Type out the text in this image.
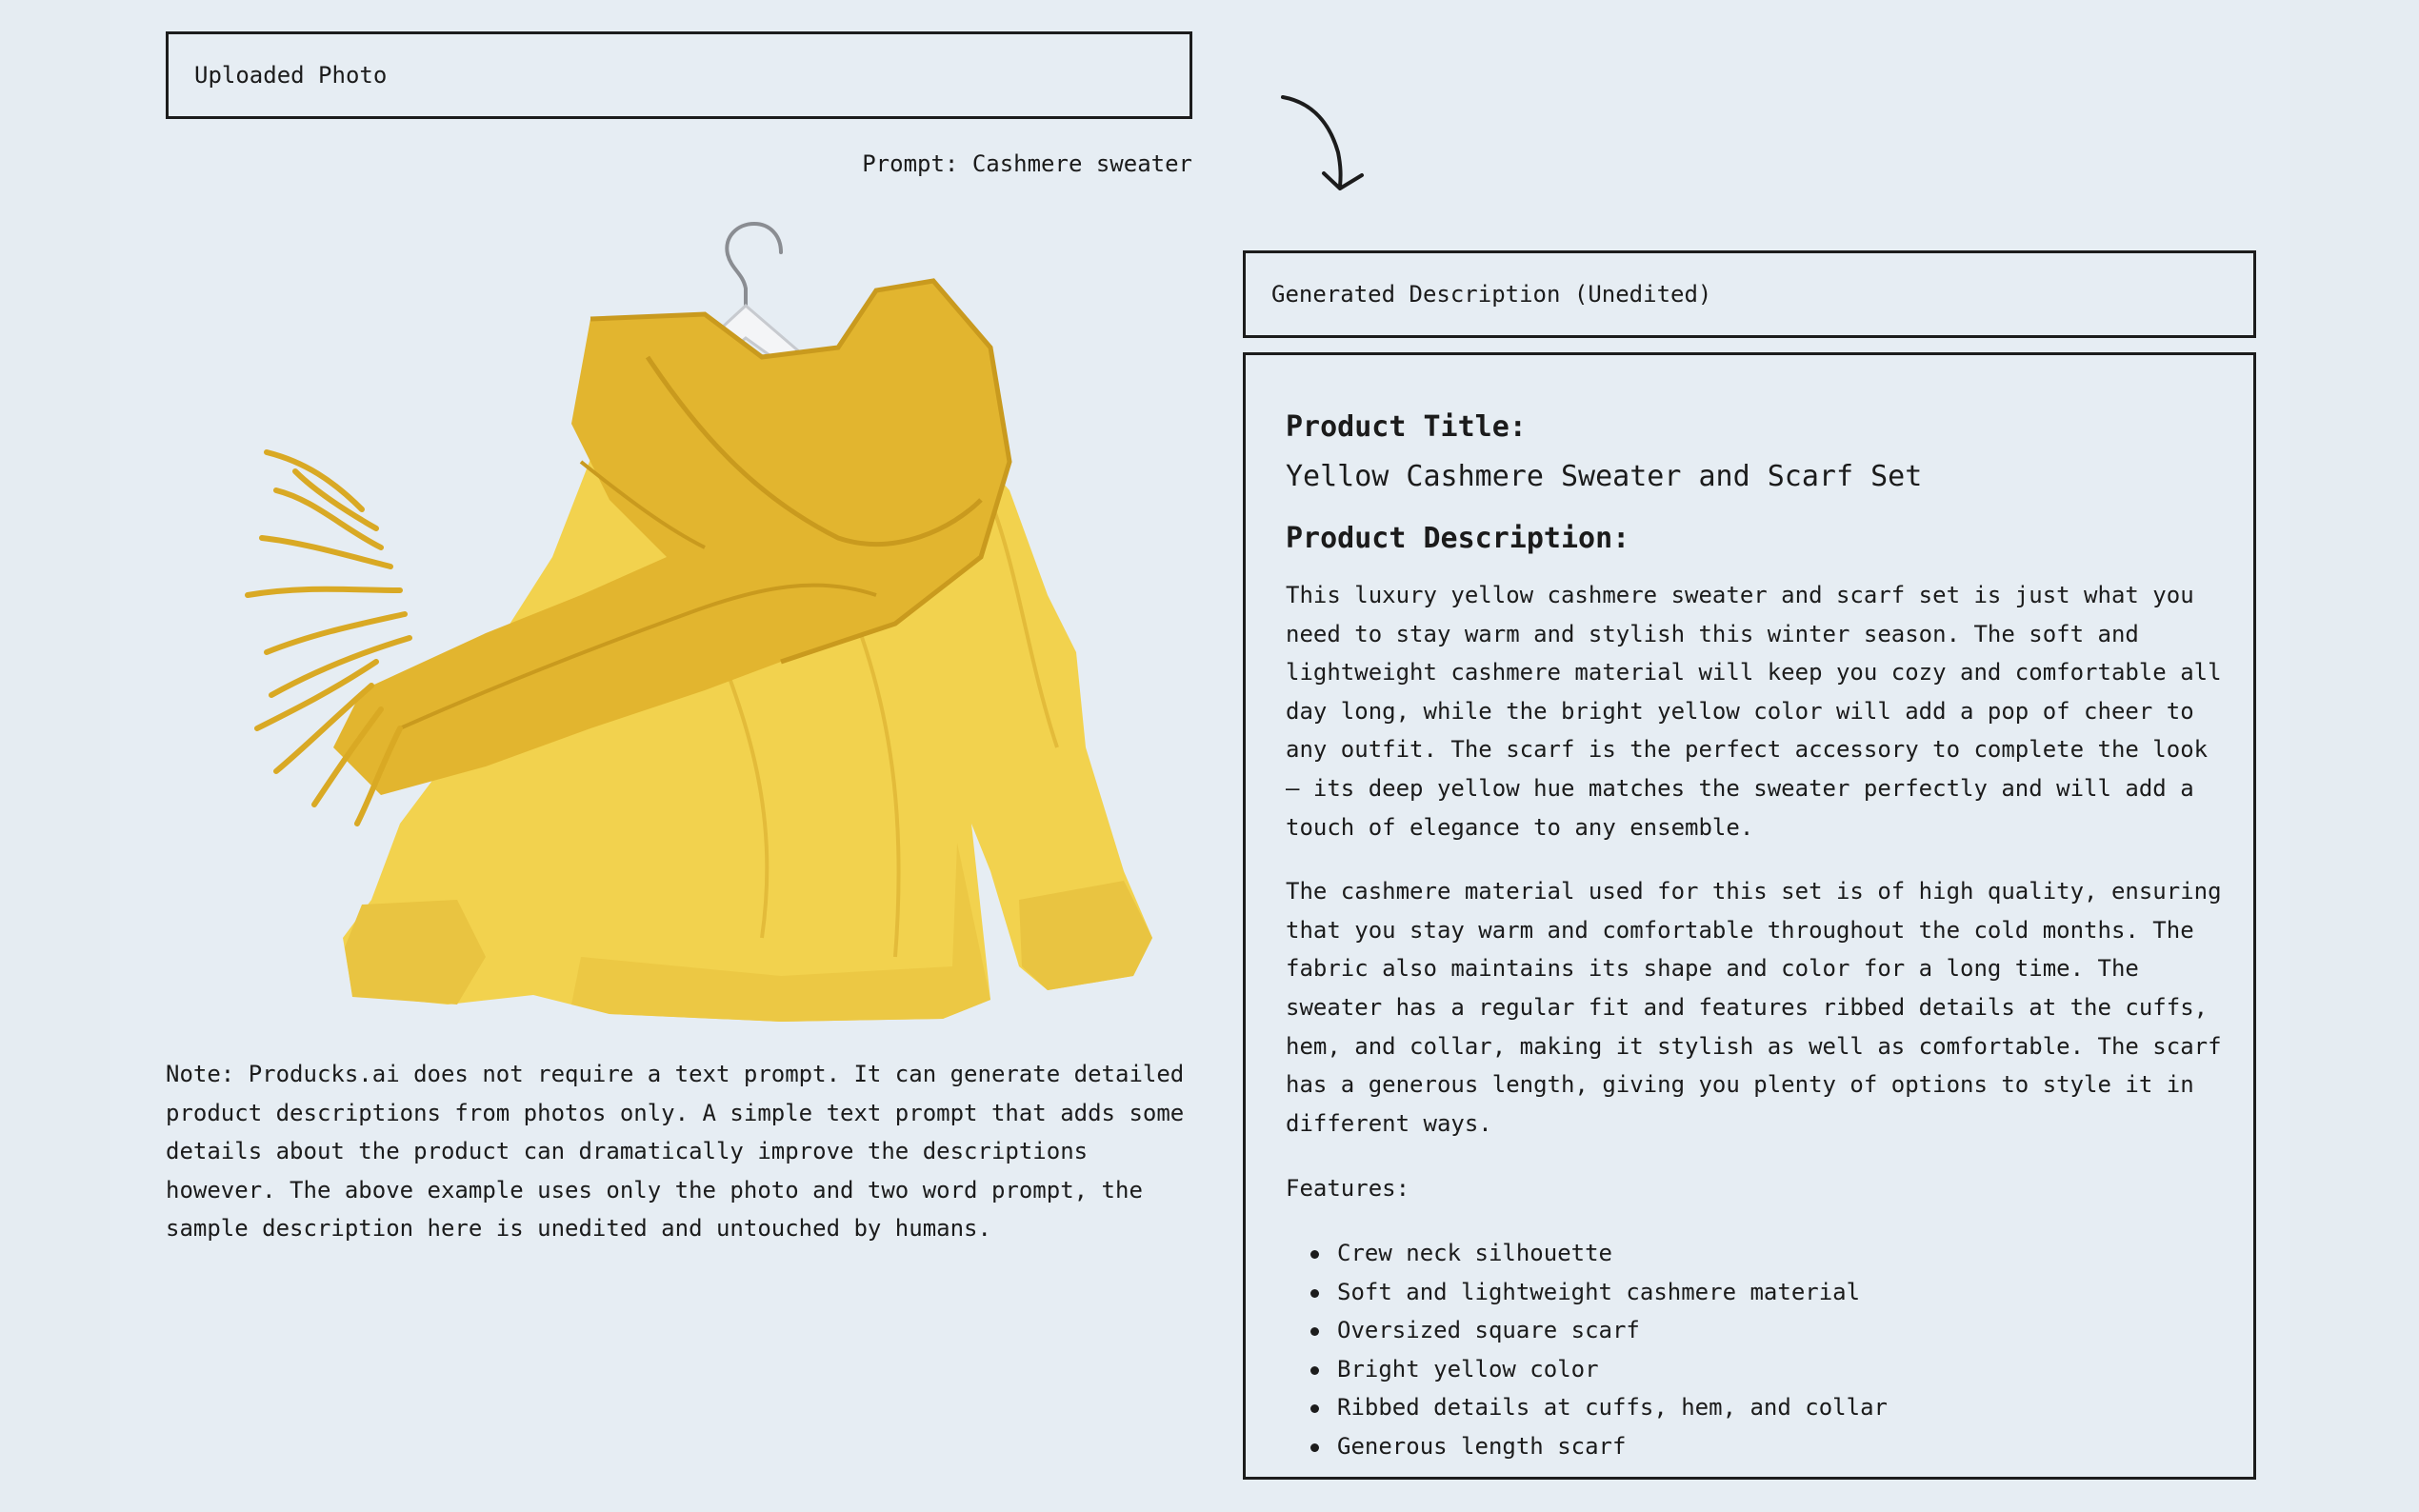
Uploaded Photo
Prompt: Cashmere sweater

Note: Producks.ai does not require a text prompt. It can generate detailed product descriptions from photos only. A simple text prompt that adds some details about the product can dramatically improve the descriptions however. The above example uses only the photo and two word prompt, the sample description here is unedited and untouched by humans.

Generated Description (Unedited)
Product Title:

Yellow Cashmere Sweater and Scarf Set

Product Description:

This luxury yellow cashmere sweater and scarf set is just what you need to stay warm and stylish this winter season. The soft and lightweight cashmere material will keep you cozy and comfortable all day long, while the bright yellow color will add a pop of cheer to any outfit. The scarf is the perfect accessory to complete the look – its deep yellow hue matches the sweater perfectly and will add a touch of elegance to any ensemble.

The cashmere material used for this set is of high quality, ensuring that you stay warm and comfortable throughout the cold months. The fabric also maintains its shape and color for a long time. The sweater has a regular fit and features ribbed details at the cuffs, hem, and collar, making it stylish as well as comfortable. The scarf has a generous length, giving you plenty of options to style it in different ways.

Features:

Crew neck silhouette
Soft and lightweight cashmere material
Oversized square scarf
Bright yellow color
Ribbed details at cuffs, hem, and collar
Generous length scarf
